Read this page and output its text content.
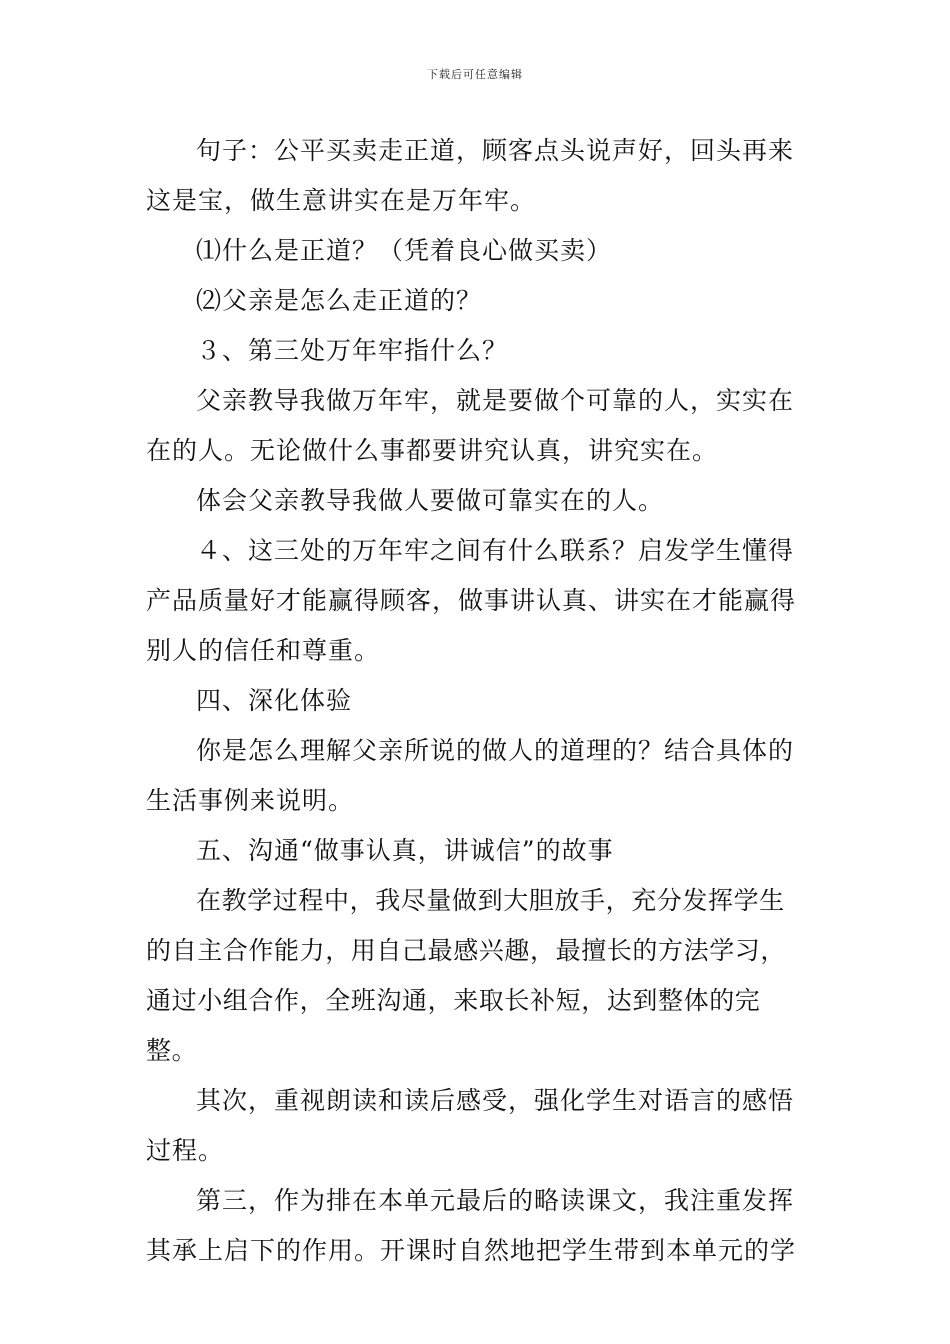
下载后可任意编辑

句子：公平买卖走正道，顾客点头说声好，回头再来这是宝，做生意讲实在是万年牢。

⑴什么是正道？（凭着良心做买卖）

⑵父亲是怎么走正道的？

３、第三处万年牢指什么？

父亲教导我做万年牢，就是要做个可靠的人，实实在在的人。无论做什么事都要讲究认真，讲究实在。

体会父亲教导我做人要做可靠实在的人。

４、这三处的万年牢之间有什么联系？启发学生懂得产品质量好才能赢得顾客，做事讲认真、讲实在才能赢得别人的信任和尊重。

四、深化体验

你是怎么理解父亲所说的做人的道理的？结合具体的生活事例来说明。

五、沟通“做事认真，讲诚信”的故事

在教学过程中，我尽量做到大胆放手，充分发挥学生的自主合作能力，用自己最感兴趣，最擅长的方法学习，通过小组合作，全班沟通，来取长补短，达到整体的完整。

其次，重视朗读和读后感受，强化学生对语言的感悟过程。

第三，作为排在本单元最后的略读课文，我注重发挥其承上启下的作用。开课时自然地把学生带到本单元的学
